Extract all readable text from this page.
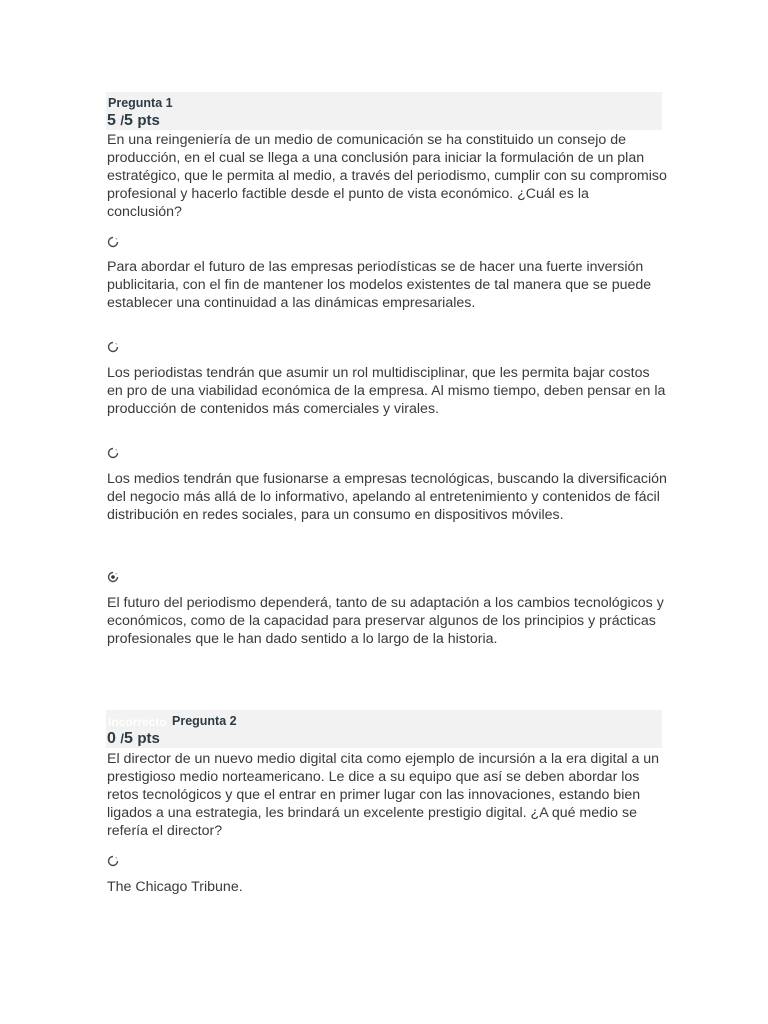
Pregunta 1
5 /5 pts
En una reingeniería de un medio de comunicación se ha constituido un consejo de producción, en el cual se llega a una conclusión para iniciar la formulación de un plan estratégico, que le permita al medio, a través del periodismo, cumplir con su compromiso profesional y hacerlo factible desde el punto de vista económico. ¿Cuál es la conclusión?
Para abordar el futuro de las empresas periodísticas se de hacer una fuerte inversión publicitaria, con el fin de mantener los modelos existentes de tal manera que se puede establecer una continuidad a las dinámicas empresariales.
Los periodistas tendrán que asumir un rol multidisciplinar, que les permita bajar costos en pro de una viabilidad económica de la empresa. Al mismo tiempo, deben pensar en la producción de contenidos más comerciales y virales.
Los medios tendrán que fusionarse a empresas tecnológicas, buscando la diversificación del negocio más allá de lo informativo, apelando al entretenimiento y contenidos de fácil distribución en redes sociales, para un consumo en dispositivos móviles.
El futuro del periodismo dependerá, tanto de su adaptación a los cambios tecnológicos y económicos, como de la capacidad para preservar algunos de los principios y prácticas profesionales que le han dado sentido a lo largo de la historia.
Incorrecto Pregunta 2
0 /5 pts
El director de un nuevo medio digital cita como ejemplo de incursión a la era digital a un prestigioso medio norteamericano. Le dice a su equipo que así se deben abordar los retos tecnológicos y que el entrar en primer lugar con las innovaciones, estando bien ligados a una estrategia, les brindará un excelente prestigio digital. ¿A qué medio se refería el director?
The Chicago Tribune.
